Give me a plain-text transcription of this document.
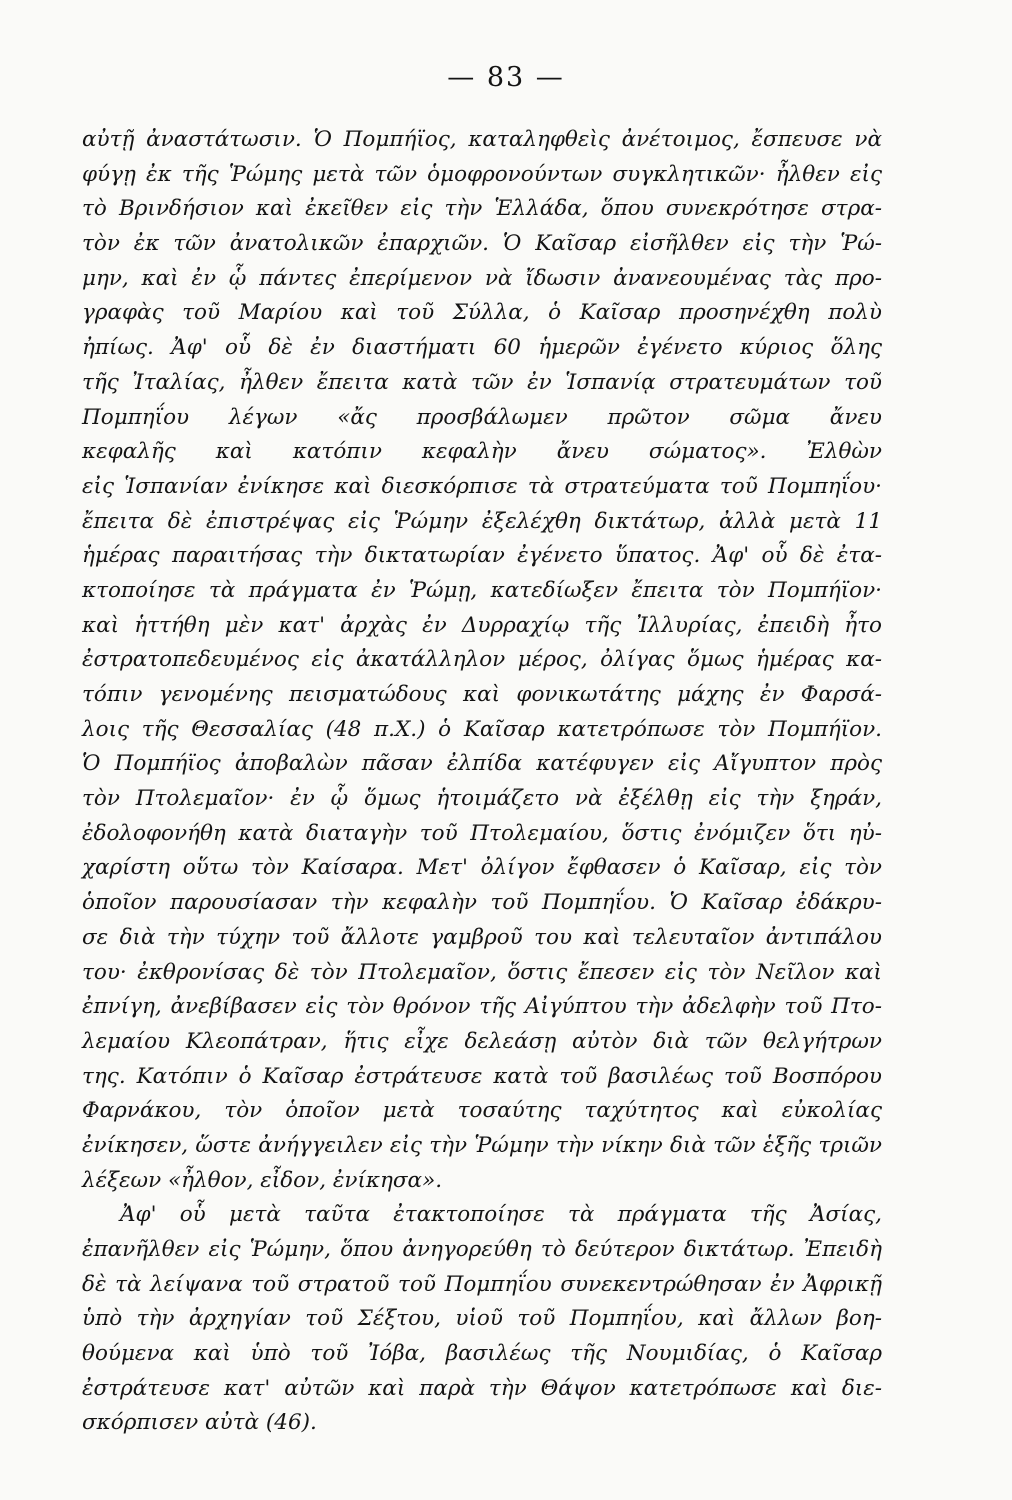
— 83 —
αὐτῇ ἀναστάτωσιν. Ὁ Πομπήϊος, καταληφθεὶς ἀνέτοιμος, ἔσπευσε νὰ
φύγῃ ἐκ τῆς Ῥώμης μετὰ τῶν ὁμοφρονούντων συγκλητικῶν· ἦλθεν εἰς
τὸ Βρινδήσιον καὶ ἐκεῖθεν εἰς τὴν Ἑλλάδα, ὅπου συνεκρότησε στρα-
τὸν ἐκ τῶν ἀνατολικῶν ἐπαρχιῶν. Ὁ Καῖσαρ εἰσῆλθεν εἰς τὴν Ῥώ-
μην, καὶ ἐν ᾧ πάντες ἐπερίμενον νὰ ἴδωσιν ἀνανεουμένας τὰς προ-
γραφὰς τοῦ Μαρίου καὶ τοῦ Σύλλα, ὁ Καῖσαρ προσηνέχθη πολὺ
ἠπίως. Ἀφ' οὗ δὲ ἐν διαστήματι 60 ἡμερῶν ἐγένετο κύριος ὅλης
τῆς Ἰταλίας, ἦλθεν ἔπειτα κατὰ τῶν ἐν Ἱσπανίᾳ στρατευμάτων τοῦ
Πομπηΐου λέγων «ἄς προσβάλωμεν πρῶτον σῶμα ἄνευ
κεφαλῆς καὶ κατόπιν κεφαλὴν ἄνευ σώματος». Ἐλθὼν
εἰς Ἱσπανίαν ἐνίκησε καὶ διεσκόρπισε τὰ στρατεύματα τοῦ Πομπηΐου·
ἔπειτα δὲ ἐπιστρέψας εἰς Ῥώμην ἐξελέχθη δικτάτωρ, ἀλλὰ μετὰ 11
ἡμέρας παραιτήσας τὴν δικτατωρίαν ἐγένετο ὕπατος. Ἀφ' οὗ δὲ ἐτα-
κτοποίησε τὰ πράγματα ἐν Ῥώμῃ, κατεδίωξεν ἔπειτα τὸν Πομπήϊον·
καὶ ἡττήθη μὲν κατ' ἀρχὰς ἐν Δυρραχίῳ τῆς Ἰλλυρίας, ἐπειδὴ ἦτο
ἐστρατοπεδευμένος εἰς ἀκατάλληλον μέρος, ὀλίγας ὅμως ἡμέρας κα-
τόπιν γενομένης πεισματώδους καὶ φονικωτάτης μάχης ἐν Φαρσά-
λοις τῆς Θεσσαλίας (48 π.Χ.) ὁ Καῖσαρ κατετρόπωσε τὸν Πομπήϊον.
Ὁ Πομπήϊος ἀποβαλὼν πᾶσαν ἐλπίδα κατέφυγεν εἰς Αἴγυπτον πρὸς
τὸν Πτολεμαῖον· ἐν ᾧ ὅμως ἡτοιμάζετο νὰ ἐξέλθῃ εἰς τὴν ξηράν,
ἐδολοφονήθη κατὰ διαταγὴν τοῦ Πτολεμαίου, ὅστις ἐνόμιζεν ὅτι ηὐ-
χαρίστη οὕτω τὸν Καίσαρα. Μετ' ὀλίγον ἔφθασεν ὁ Καῖσαρ, εἰς τὸν
ὁποῖον παρουσίασαν τὴν κεφαλὴν τοῦ Πομπηΐου. Ὁ Καῖσαρ ἐδάκρυ-
σε διὰ τὴν τύχην τοῦ ἄλλοτε γαμβροῦ του καὶ τελευταῖον ἀντιπάλου
του· ἐκθρονίσας δὲ τὸν Πτολεμαῖον, ὅστις ἔπεσεν εἰς τὸν Νεῖλον καὶ
ἐπνίγη, ἀνεβίβασεν εἰς τὸν θρόνον τῆς Αἰγύπτου τὴν ἀδελφὴν τοῦ Πτο-
λεμαίου Κλεοπάτραν, ἥτις εἶχε δελεάσῃ αὐτὸν διὰ τῶν θελγήτρων
της. Κατόπιν ὁ Καῖσαρ ἐστράτευσε κατὰ τοῦ βασιλέως τοῦ Βοσπόρου
Φαρνάκου, τὸν ὁποῖον μετὰ τοσαύτης ταχύτητος καὶ εὐκολίας
ἐνίκησεν, ὥστε ἀνήγγειλεν εἰς τὴν Ῥώμην τὴν νίκην διὰ τῶν ἑξῆς τριῶν
λέξεων «ἦλθον, εἶδον, ἐνίκησα».
Ἀφ' οὗ μετὰ ταῦτα ἐτακτοποίησε τὰ πράγματα τῆς Ἀσίας,
ἐπανῆλθεν εἰς Ῥώμην, ὅπου ἀνηγορεύθη τὸ δεύτερον δικτάτωρ. Ἐπειδὴ
δὲ τὰ λείψανα τοῦ στρατοῦ τοῦ Πομπηΐου συνεκεντρώθησαν ἐν Ἀφρικῇ
ὑπὸ τὴν ἀρχηγίαν τοῦ Σέξτου, υἱοῦ τοῦ Πομπηΐου, καὶ ἄλλων βοη-
θούμενα καὶ ὑπὸ τοῦ Ἰόβα, βασιλέως τῆς Νουμιδίας, ὁ Καῖσαρ
ἐστράτευσε κατ' αὐτῶν καὶ παρὰ τὴν Θάψον κατετρόπωσε καὶ διε-
σκόρπισεν αὐτὰ (46).
